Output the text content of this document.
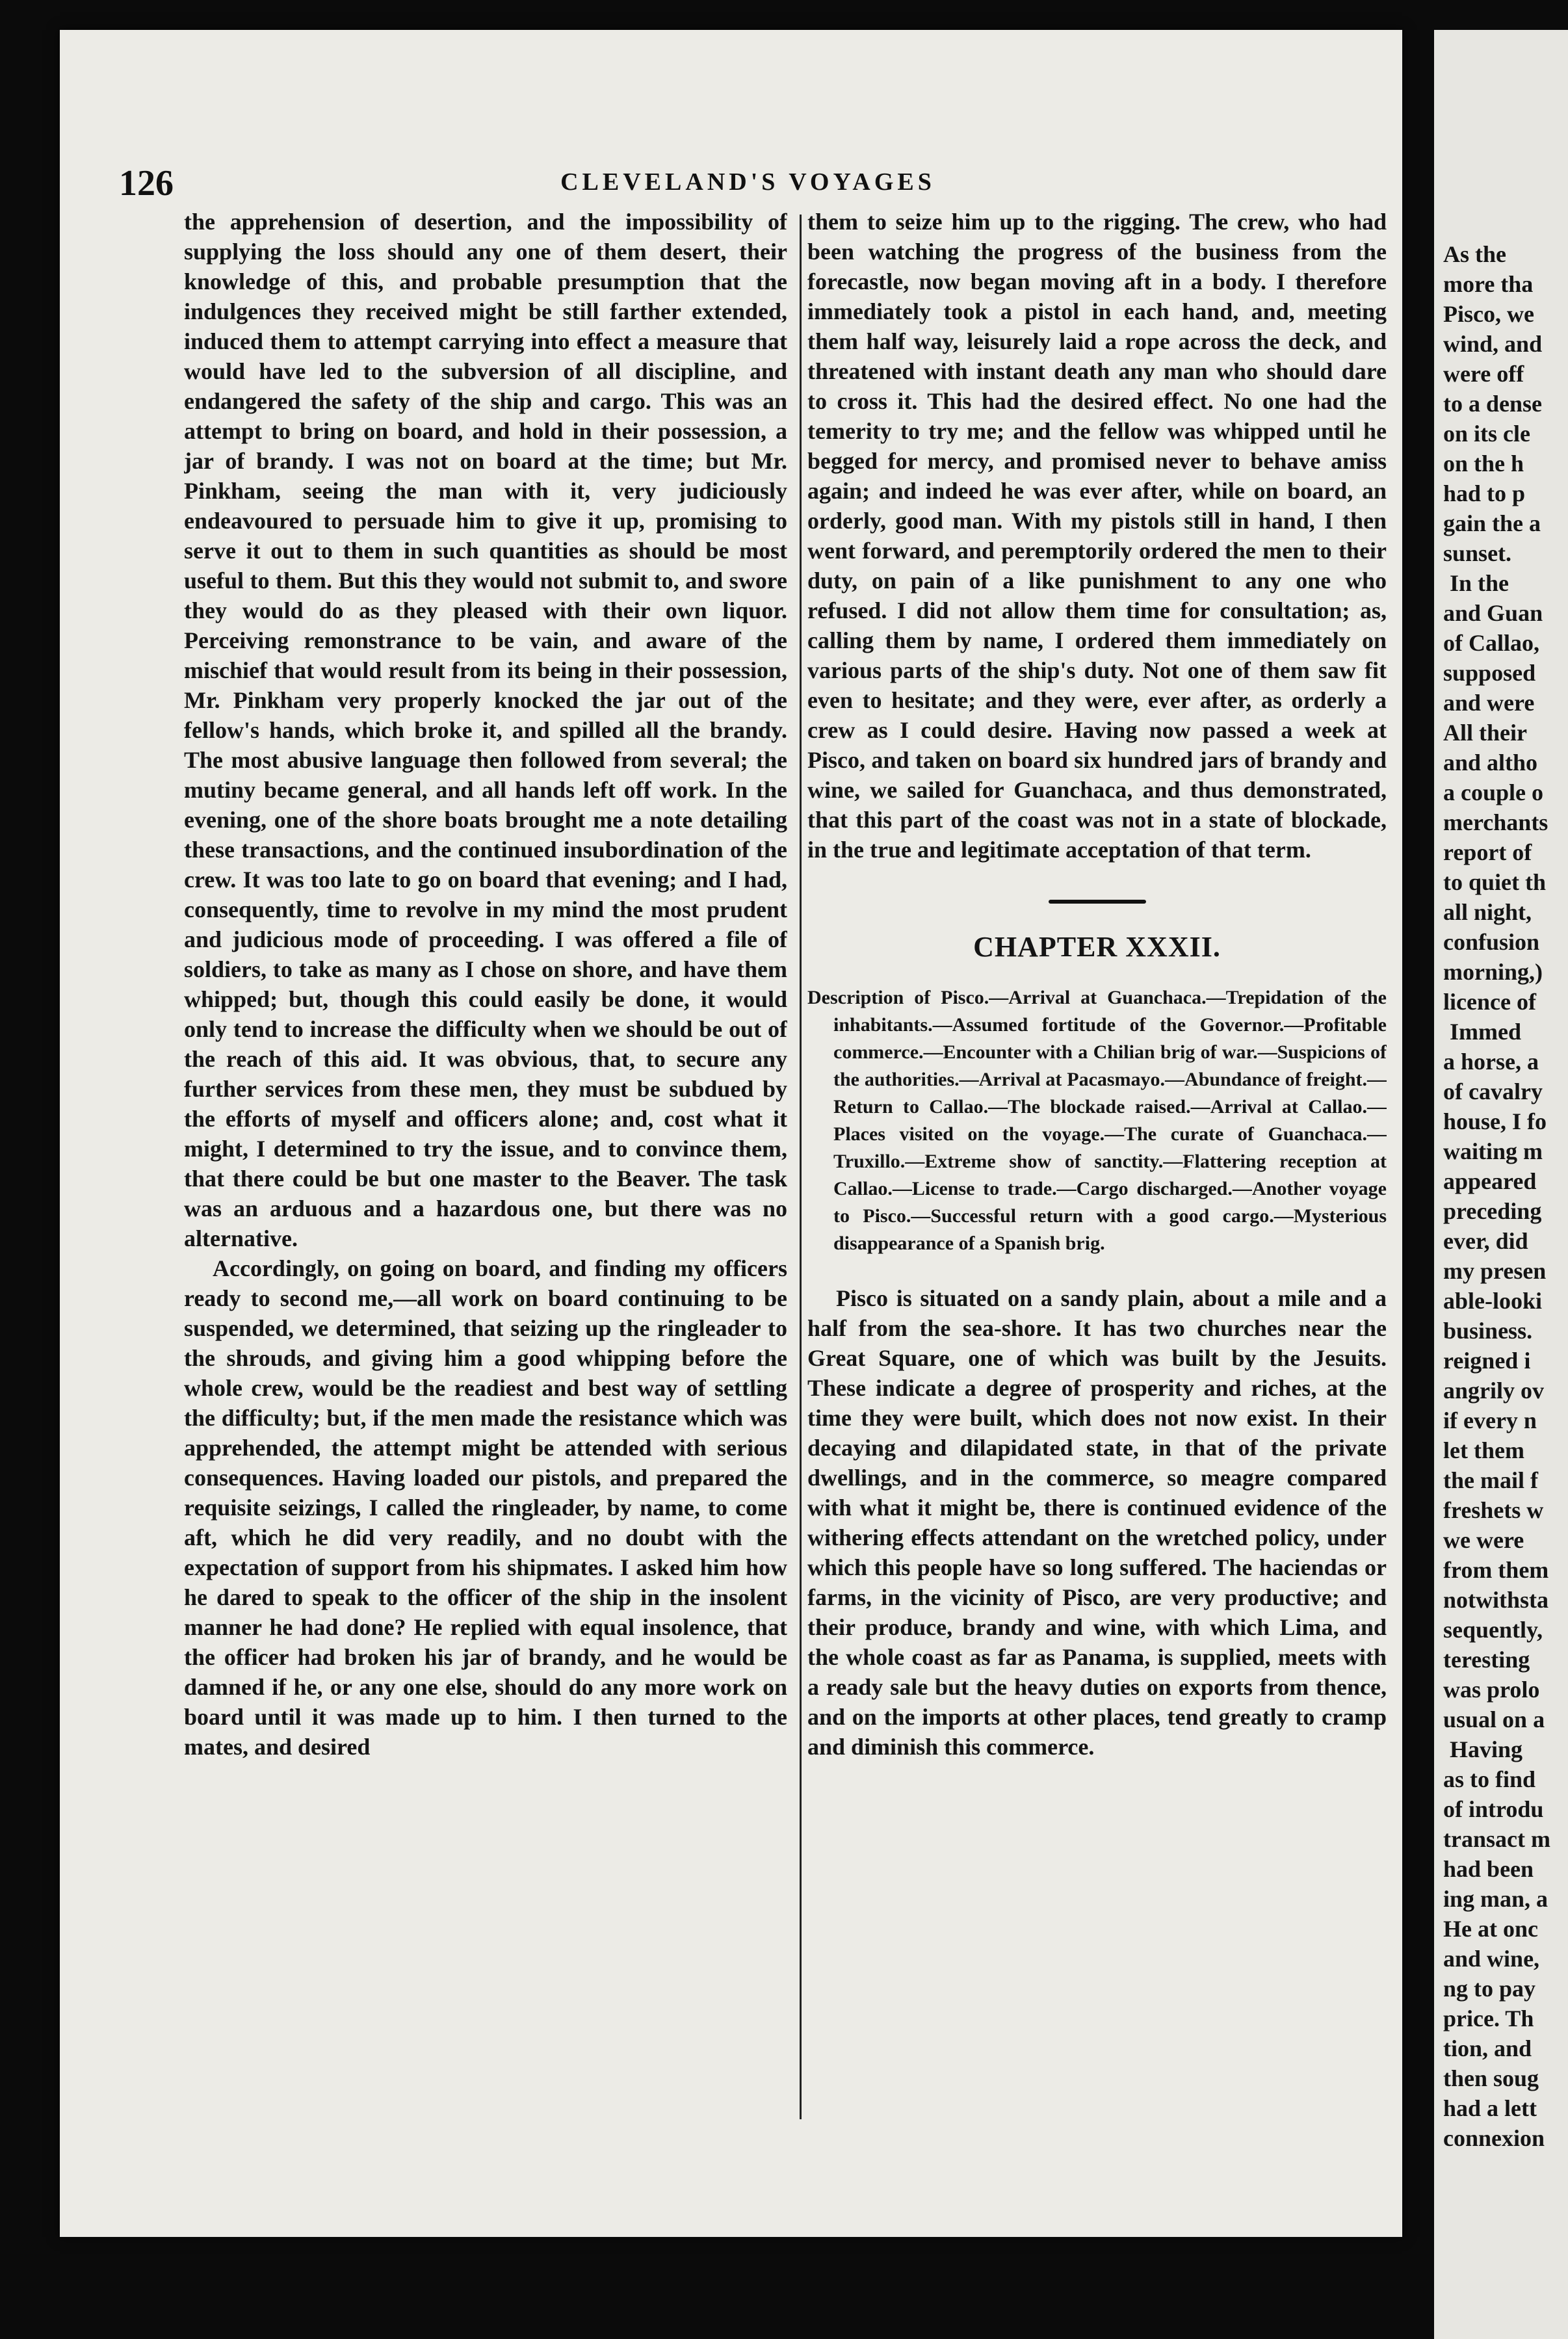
126	CLEVELAND'S VOYAGES

the apprehension of desertion, and the impossibility of supplying the loss should any one of them desert, their knowledge of this, and probable presumption that the indulgences they received might be still farther extended, induced them to attempt carrying into effect a measure that would have led to the subversion of all discipline, and endangered the safety of the ship and cargo. This was an attempt to bring on board, and hold in their possession, a jar of brandy. I was not on board at the time; but Mr. Pinkham, seeing the man with it, very judiciously endeavoured to persuade him to give it up, promising to serve it out to them in such quantities as should be most useful to them. But this they would not submit to, and swore they would do as they pleased with their own liquor. Perceiving remonstrance to be vain, and aware of the mischief that would result from its being in their possession, Mr. Pinkham very properly knocked the jar out of the fellow's hands, which broke it, and spilled all the brandy. The most abusive language then followed from several; the mutiny became general, and all hands left off work. In the evening, one of the shore boats brought me a note detailing these transactions, and the continued insubordination of the crew. It was too late to go on board that evening; and I had, consequently, time to revolve in my mind the most prudent and judicious mode of proceeding. I was offered a file of soldiers, to take as many as I chose on shore, and have them whipped; but, though this could easily be done, it would only tend to increase the difficulty when we should be out of the reach of this aid. It was obvious, that, to secure any further services from these men, they must be subdued by the efforts of myself and officers alone; and, cost what it might, I determined to try the issue, and to convince them, that there could be but one master to the Beaver. The task was an arduous and a hazardous one, but there was no alternative.

Accordingly, on going on board, and finding my officers ready to second me,—all work on board continuing to be suspended, we determined, that seizing up the ringleader to the shrouds, and giving him a good whipping before the whole crew, would be the readiest and best way of settling the difficulty; but, if the men made the resistance which was apprehended, the attempt might be attended with serious consequences. Having loaded our pistols, and prepared the requisite seizings, I called the ringleader, by name, to come aft, which he did very readily, and no doubt with the expectation of support from his shipmates. I asked him how he dared to speak to the officer of the ship in the insolent manner he had done? He replied with equal insolence, that the officer had broken his jar of brandy, and he would be damned if he, or any one else, should do any more work on board until it was made up to him. I then turned to the mates, and desired

them to seize him up to the rigging. The crew, who had been watching the progress of the business from the forecastle, now began moving aft in a body. I therefore immediately took a pistol in each hand, and, meeting them half way, leisurely laid a rope across the deck, and threatened with instant death any man who should dare to cross it. This had the desired effect. No one had the temerity to try me; and the fellow was whipped until he begged for mercy, and promised never to behave amiss again; and indeed he was ever after, while on board, an orderly, good man. With my pistols still in hand, I then went forward, and peremptorily ordered the men to their duty, on pain of a like punishment to any one who refused. I did not allow them time for consultation; as, calling them by name, I ordered them immediately on various parts of the ship's duty. Not one of them saw fit even to hesitate; and they were, ever after, as orderly a crew as I could desire. Having now passed a week at Pisco, and taken on board six hundred jars of brandy and wine, we sailed for Guanchaca, and thus demonstrated, that this part of the coast was not in a state of blockade, in the true and legitimate acceptation of that term.

CHAPTER XXXII.
Description of Pisco.—Arrival at Guanchaca.—Trepidation of the inhabitants.—Assumed fortitude of the Governor.—Profitable commerce.—Encounter with a Chilian brig of war.—Suspicions of the authorities.—Arrival at Pacasmayo.—Abundance of freight.—Return to Callao.—The blockade raised.—Arrival at Callao.—Places visited on the voyage.—The curate of Guanchaca.—Truxillo.—Extreme show of sanctity.—Flattering reception at Callao.—License to trade.—Cargo discharged.—Another voyage to Pisco.—Successful return with a good cargo.—Mysterious disappearance of a Spanish brig.

Pisco is situated on a sandy plain, about a mile and a half from the sea-shore. It has two churches near the Great Square, one of which was built by the Jesuits. These indicate a degree of prosperity and riches, at the time they were built, which does not now exist. In their decaying and dilapidated state, in that of the private dwellings, and in the commerce, so meagre compared with what it might be, there is continued evidence of the withering effects attendant on the wretched policy, under which this people have so long suffered. The haciendas or farms, in the vicinity of Pisco, are very productive; and their produce, brandy and wine, with which Lima, and the whole coast as far as Panama, is supplied, meets with a ready sale but the heavy duties on exports from thence, and on the imports at other places, tend greatly to cramp and diminish this commerce.

As the

more tha

Pisco, we

wind, and

were off

to a dense

on its cle

on the h

had to p

gain the a

sunset.

In the

and Guan

of Callao,

supposed

and were

All their

and altho

a couple o

merchants

report of

to quiet th

all night,

confusion

morning,)

licence of

Immed

a horse, a

of cavalry

house, I fo

waiting m

appeared

preceding

ever, did

my presen

able-looki

business.

reigned i

angrily ov

if every n

let them

the mail f

freshets w

we were

from them

notwithsta

sequently,

teresting

was prolo

usual on a

Having

as to find

of introdu

transact m

had been

ing man, a

He at onc

and wine,

ng to pay

price. Th

tion, and

then soug

had a lett

connexion
